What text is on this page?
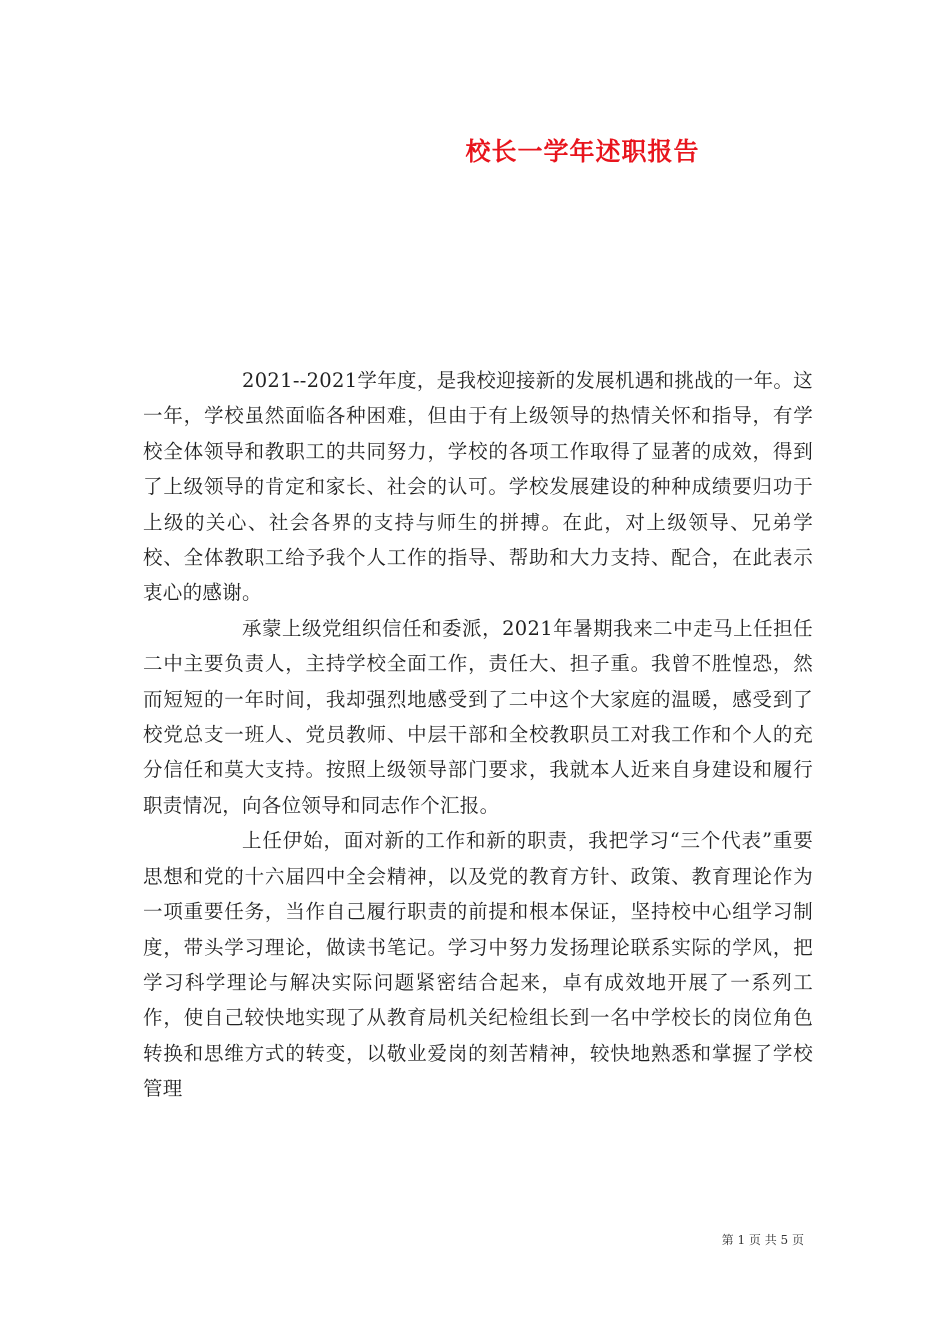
校长一学年述职报告

2021--2021学年度，是我校迎接新的发展机遇和挑战的一年。这一年，学校虽然面临各种困难，但由于有上级领导的热情关怀和指导，有学校全体领导和教职工的共同努力，学校的各项工作取得了显著的成效，得到了上级领导的肯定和家长、社会的认可。学校发展建设的种种成绩要归功于上级的关心、社会各界的支持与师生的拼搏。在此，对上级领导、兄弟学校、全体教职工给予我个人工作的指导、帮助和大力支持、配合，在此表示衷心的感谢。

承蒙上级党组织信任和委派，2021年暑期我来二中走马上任担任二中主要负责人，主持学校全面工作，责任大、担子重。我曾不胜惶恐，然而短短的一年时间，我却强烈地感受到了二中这个大家庭的温暖，感受到了校党总支一班人、党员教师、中层干部和全校教职员工对我工作和个人的充分信任和莫大支持。按照上级领导部门要求，我就本人近来自身建设和履行职责情况，向各位领导和同志作个汇报。

上任伊始，面对新的工作和新的职责，我把学习“三个代表”重要思想和党的十六届四中全会精神，以及党的教育方针、政策、教育理论作为一项重要任务，当作自己履行职责的前提和根本保证，坚持校中心组学习制度，带头学习理论，做读书笔记。学习中努力发扬理论联系实际的学风，把学习科学理论与解决实际问题紧密结合起来，卓有成效地开展了一系列工作，使自己较快地实现了从教育局机关纪检组长到一名中学校长的岗位角色转换和思维方式的转变，以敬业爱岗的刻苦精神，较快地熟悉和掌握了学校管理

第 1 页 共 5 页
